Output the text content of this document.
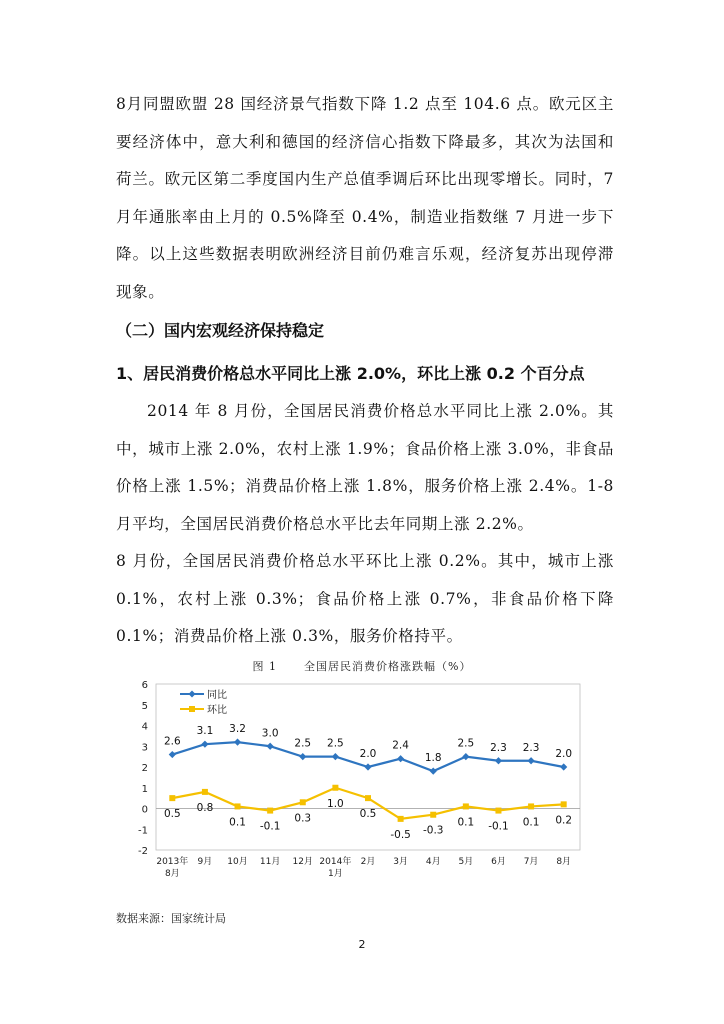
8月同盟欧盟 28 国经济景气指数下降 1.2 点至 104.6 点。欧元区主要经济体中，意大利和德国的经济信心指数下降最多，其次为法国和荷兰。欧元区第二季度国内生产总值季调后环比出现零增长。同时，7 月年通胀率由上月的 0.5%降至 0.4%，制造业指数继 7 月进一步下降。以上这些数据表明欧洲经济目前仍难言乐观，经济复苏出现停滞现象。

（二）国内宏观经济保持稳定

1、居民消费价格总水平同比上涨 2.0%，环比上涨 0.2 个百分点

2014 年 8 月份，全国居民消费价格总水平同比上涨 2.0%。其中，城市上涨 2.0%，农村上涨 1.9%；食品价格上涨 3.0%，非食品价格上涨 1.5%；消费品价格上涨 1.8%，服务价格上涨 2.4%。1-8 月平均，全国居民消费价格总水平比去年同期上涨 2.2%。

8 月份，全国居民消费价格总水平环比上涨 0.2%。其中，城市上涨 0.1%，农村上涨 0.3%；食品价格上涨 0.7%，非食品价格下降 0.1%；消费品价格上涨 0.3%，服务价格持平。

图 1 全国居民消费价格涨跌幅（%）
-2
-1
0
1
2
3
4
5
6
2013年
8月
9月 10月 11月 12月 2014年
1月
2月 3月 4月 5月 6月 7月 8月
2.6
3.1 3.2 3.0
2.5 2.5
2.0
2.4
1.8
2.5 2.3 2.3
2.0
0.5
0.8
0.1 -0.1
0.3
1.0
0.5
-0.5 -0.3
0.1 -0.1 0.1 0.2
同比
环比
数据来源：国家统计局
2
